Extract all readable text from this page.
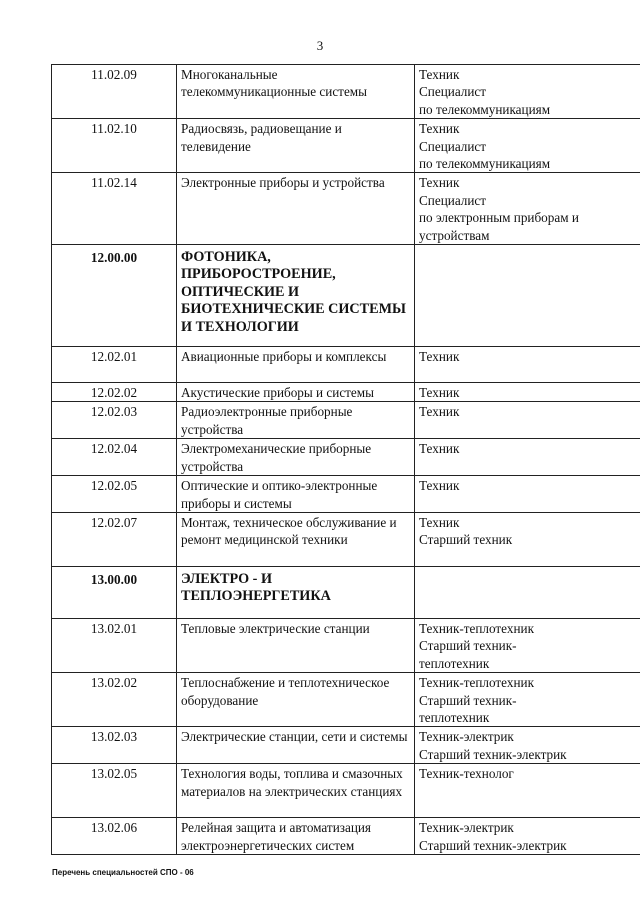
3
11.02.09	Многоканальные телекоммуникационные системы	Техник
Специалист
по телекоммуникациям
11.02.10	Радиосвязь, радиовещание и телевидение	Техник
Специалист
по телекоммуникациям
11.02.14	Электронные приборы и устройства	Техник
Специалист
по электронным приборам и устройствам
12.00.00	ФОТОНИКА, ПРИБОРОСТРОЕНИЕ, ОПТИЧЕСКИЕ И БИОТЕХНИЧЕСКИЕ СИСТЕМЫ И ТЕХНОЛОГИИ	
12.02.01	Авиационные приборы и комплексы	Техник
12.02.02	Акустические приборы и системы	Техник
12.02.03	Радиоэлектронные приборные устройства	Техник
12.02.04	Электромеханические приборные устройства	Техник
12.02.05	Оптические и оптико-электронные приборы и системы	Техник
12.02.07	Монтаж, техническое обслуживание и ремонт медицинской техники	Техник
Старший техник
13.00.00	ЭЛЕКТРО - И ТЕПЛОЭНЕРГЕТИКА	
13.02.01	Тепловые электрические станции	Техник-теплотехник
Старший техник-
теплотехник
13.02.02	Теплоснабжение и теплотехническое оборудование	Техник-теплотехник
Старший техник-
теплотехник
13.02.03	Электрические станции, сети и системы	Техник-электрик
Старший техник-электрик
13.02.05	Технология воды, топлива и смазочных материалов на электрических станциях	Техник-технолог
13.02.06	Релейная защита и автоматизация электроэнергетических систем	Техник-электрик
Старший техник-электрик
Перечень специальностей СПО - 06
